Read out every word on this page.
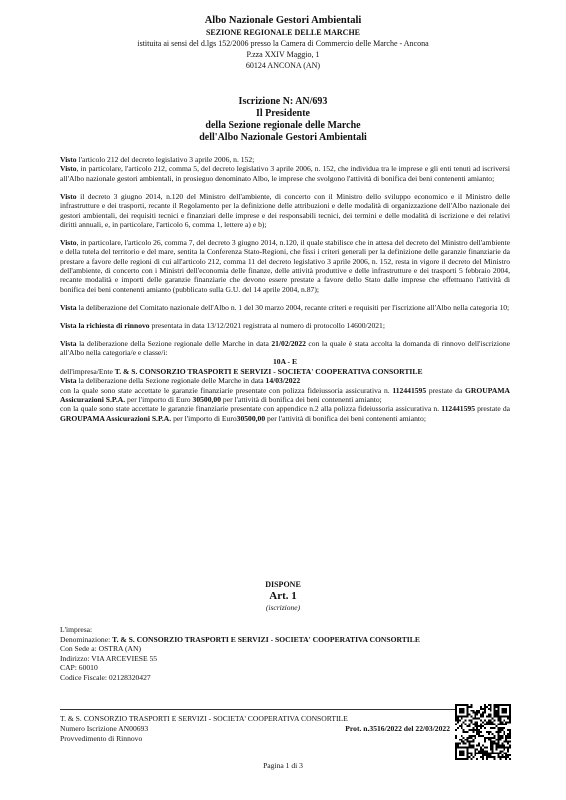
Albo Nazionale Gestori Ambientali
SEZIONE REGIONALE DELLE MARCHE
istituita ai sensi del d.lgs 152/2006 presso la Camera di Commercio delle Marche - Ancona
P.zza XXIV Maggio, 1
60124 ANCONA (AN)
Iscrizione N: AN/693
Il Presidente
della Sezione regionale delle Marche
dell'Albo Nazionale Gestori Ambientali

Visto l'articolo 212 del decreto legislativo 3 aprile 2006, n. 152;
Visto, in particolare, l'articolo 212, comma 5, del decreto legislativo 3 aprile 2006, n. 152, che individua tra le imprese e gli enti tenuti ad iscriversi all'Albo nazionale gestori ambientali, in prosieguo denominato Albo, le imprese che svolgono l'attività di bonifica dei beni contenenti amianto;

Visto il decreto 3 giugno 2014, n.120 del Ministro dell'ambiente, di concerto con il Ministro dello sviluppo economico e il Ministro delle infrastrutture e dei trasporti, recante il Regolamento per la definizione delle attribuzioni e delle modalità di organizzazione dell'Albo nazionale dei gestori ambientali, dei requisiti tecnici e finanziari delle imprese e dei responsabili tecnici, dei termini e delle modalità di iscrizione e dei relativi diritti annuali, e, in particolare, l'articolo 6, comma 1, lettere a) e b);

Visto, in particolare, l'articolo 26, comma 7, del decreto 3 giugno 2014, n.120, il quale stabilisce che in attesa del decreto del Ministro dell'ambiente e della tutela del territorio e del mare, sentita la Conferenza Stato-Regioni, che fissi i criteri generali per la definizione delle garanzie finanziarie da prestare a favore delle regioni di cui all'articolo 212, comma 11 del decreto legislativo 3 aprile 2006, n. 152, resta in vigore il decreto del Ministro dell'ambiente, di concerto con i Ministri dell'economia delle finanze, delle attività produttive e delle infrastrutture e dei trasporti 5 febbraio 2004, recante modalità e importi delle garanzie finanziarie che devono essere prestate a favore dello Stato dalle imprese che effettuano l'attività di bonifica dei beni contenenti amianto (pubblicato sulla G.U. del 14 aprile 2004, n.87);

Vista la deliberazione del Comitato nazionale dell'Albo n. 1 del 30 marzo 2004, recante criteri e requisiti per l'iscrizione all'Albo nella categoria 10;

Vista la richiesta di rinnovo presentata in data 13/12/2021 registrata al numero di protocollo 14600/2021;

Vista la deliberazione della Sezione regionale delle Marche in data 21/02/2022 con la quale è stata accolta la domanda di rinnovo dell'iscrizione all'Albo nella categoria/e e classe/i:

10A - E
dell'impresa/Ente T. & S. CONSORZIO TRASPORTI E SERVIZI - SOCIETA' COOPERATIVA CONSORTILE
Vista la deliberazione della Sezione regionale delle Marche in data 14/03/2022
con la quale sono state accettate le garanzie finanziarie presentate con polizza fideiussoria assicurativa n. 112441595 prestate da GROUPAMA Assicurazioni S.P.A. per l'importo di Euro 30500,00 per l'attività di bonifica dei beni contenenti amianto;
con la quale sono state accettate le garanzie finanziarie presentate con appendice n.2 alla polizza fideiussoria assicurativa n. 112441595 prestate da GROUPAMA Assicurazioni S.P.A. per l'importo di Euro30500,00 per l'attività di bonifica dei beni contenenti amianto;
DISPONE
Art. 1
(iscrizione)
L'impresa:
Denominazione: T. & S. CONSORZIO TRASPORTI E SERVIZI - SOCIETA' COOPERATIVA CONSORTILE
Con Sede a: OSTRA (AN)
Indirizzo: VIA ARCEVIESE 55
CAP: 60010
Codice Fiscale: 02128320427
T. & S. CONSORZIO TRASPORTI E SERVIZI - SOCIETA' COOPERATIVA CONSORTILE
Numero Iscrizione AN00693	Prot. n.3516/2022 del 22/03/2022
Provvedimento di Rinnovo
Pagina 1 di 3
